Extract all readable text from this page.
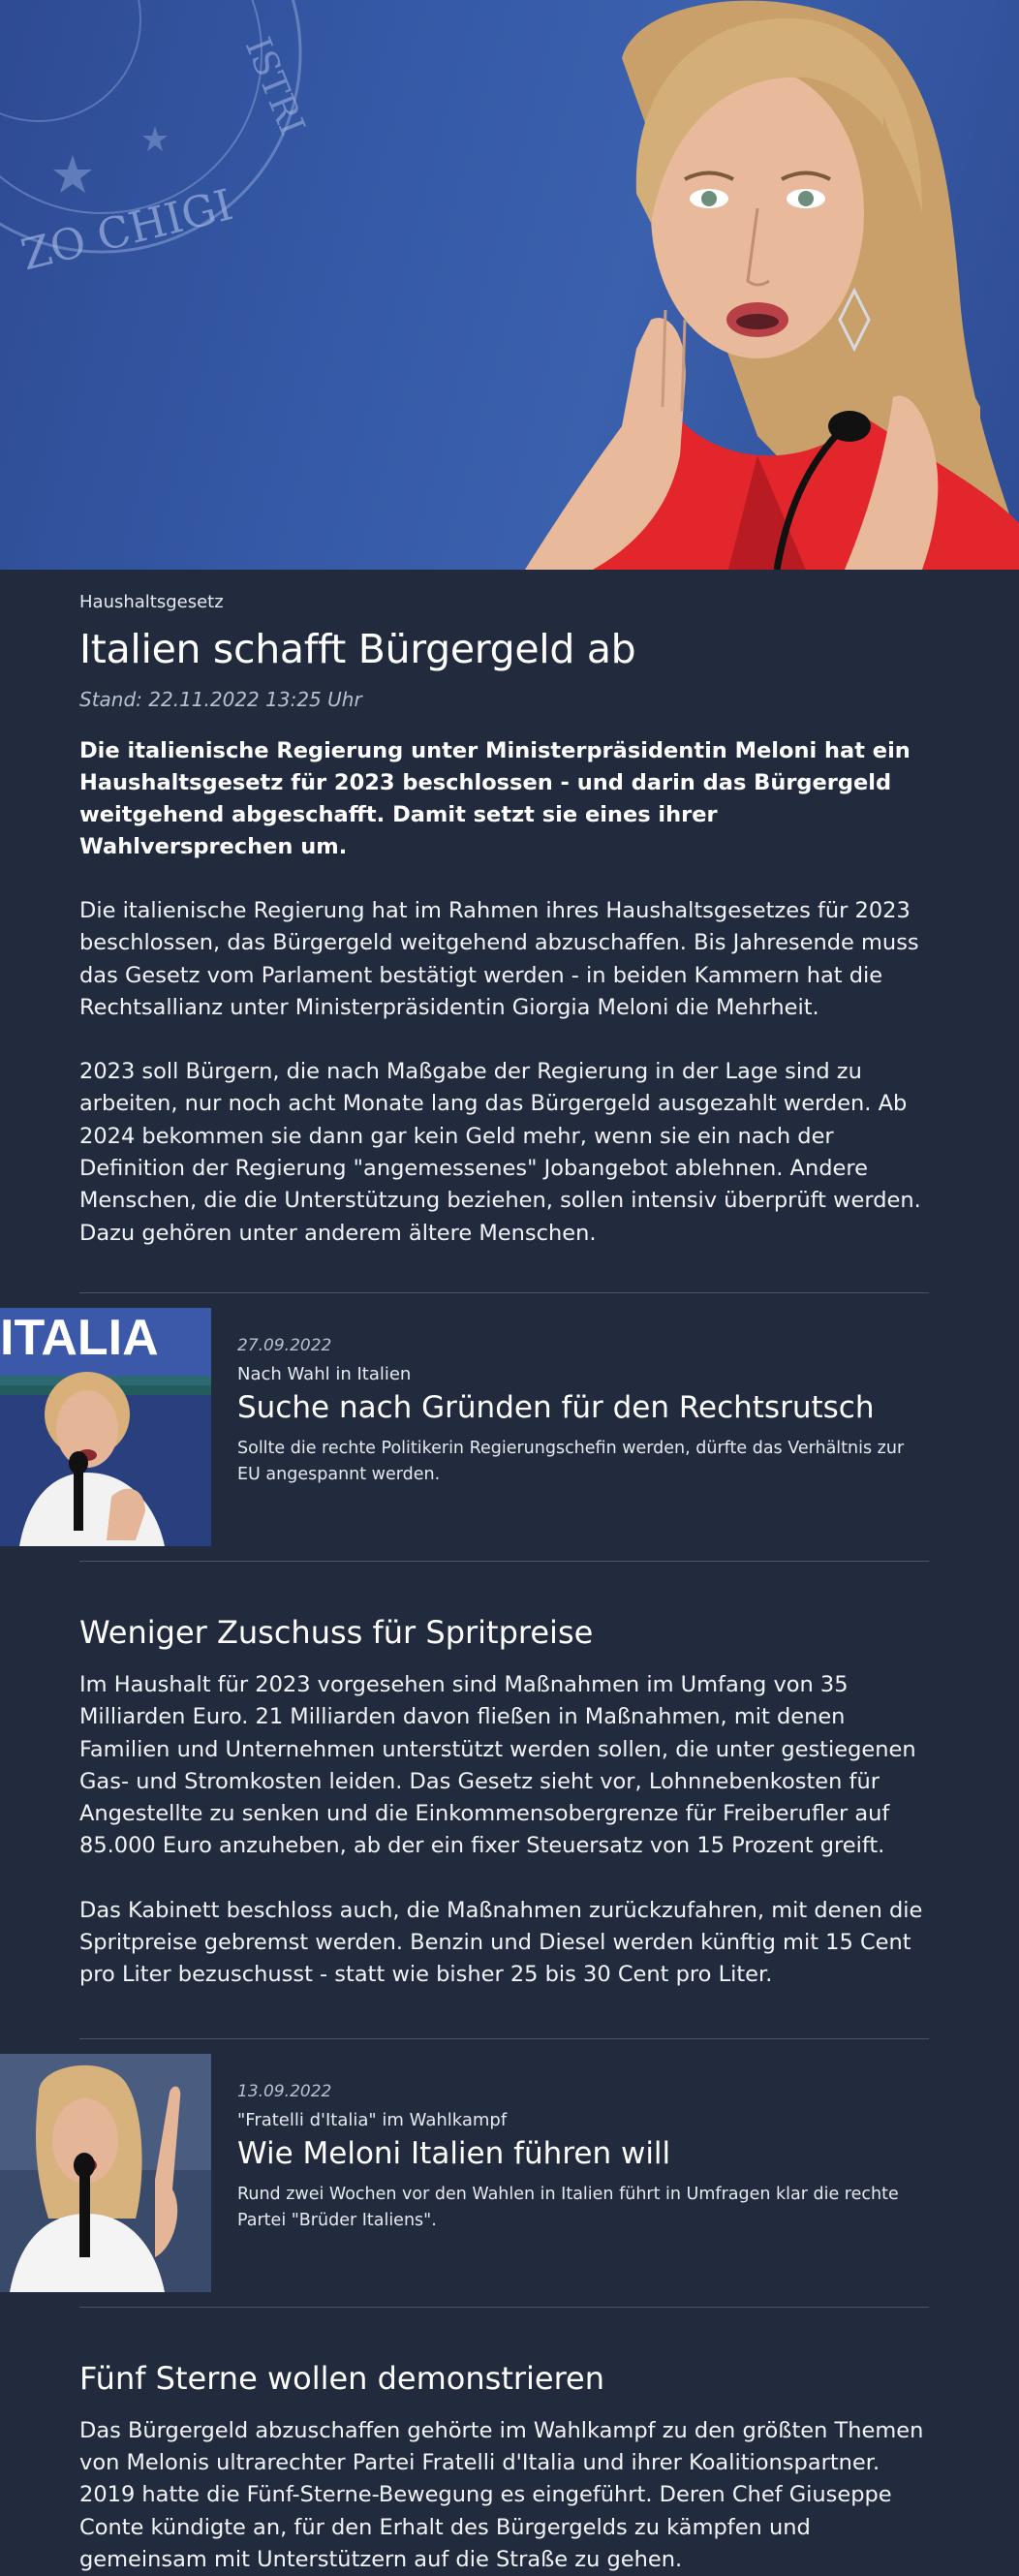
ZO CHIGI
ISTRI
Haushaltsgesetz
Italien schafft Bürgergeld ab
Stand: 22.11.2022 13:25 Uhr

Die italienische Regierung unter Ministerpräsidentin Meloni hat ein Haushaltsgesetz für 2023 beschlossen - und darin das Bürgergeld weitgehend abgeschafft. Damit setzt sie eines ihrer Wahlversprechen um.

Die italienische Regierung hat im Rahmen ihres Haushaltsgesetzes für 2023 beschlossen, das Bürgergeld weitgehend abzuschaffen. Bis Jahresende muss das Gesetz vom Parlament bestätigt werden - in beiden Kammern hat die Rechtsallianz unter Ministerpräsidentin Giorgia Meloni die Mehrheit.

2023 soll Bürgern, die nach Maßgabe der Regierung in der Lage sind zu arbeiten, nur noch acht Monate lang das Bürgergeld ausgezahlt werden. Ab 2024 bekommen sie dann gar kein Geld mehr, wenn sie ein nach der Definition der Regierung "angemessenes" Jobangebot ablehnen. Andere Menschen, die die Unterstützung beziehen, sollen intensiv überprüft werden. Dazu gehören unter anderem ältere Menschen.

ITALIA	27.09.2022
Nach Wahl in Italien
Suche nach Gründen für den Rechtsrutsch
Sollte die rechte Politikerin Regierungschefin werden, dürfte das Verhältnis zur EU angespannt werden.
Weniger Zuschuss für Spritpreise

Im Haushalt für 2023 vorgesehen sind Maßnahmen im Umfang von 35 Milliarden Euro. 21 Milliarden davon fließen in Maßnahmen, mit denen Familien und Unternehmen unterstützt werden sollen, die unter gestiegenen Gas- und Stromkosten leiden. Das Gesetz sieht vor, Lohnnebenkosten für Angestellte zu senken und die Einkommensobergrenze für Freiberufler auf 85.000 Euro anzuheben, ab der ein fixer Steuersatz von 15 Prozent greift.

Das Kabinett beschloss auch, die Maßnahmen zurückzufahren, mit denen die Spritpreise gebremst werden. Benzin und Diesel werden künftig mit 15 Cent pro Liter bezuschusst - statt wie bisher 25 bis 30 Cent pro Liter.

13.09.2022
"Fratelli d'Italia" im Wahlkampf
Wie Meloni Italien führen will
Rund zwei Wochen vor den Wahlen in Italien führt in Umfragen klar die rechte Partei "Brüder Italiens".
Fünf Sterne wollen demonstrieren

Das Bürgergeld abzuschaffen gehörte im Wahlkampf zu den größten Themen von Melonis ultrarechter Partei Fratelli d'Italia und ihrer Koalitionspartner. 2019 hatte die Fünf-Sterne-Bewegung es eingeführt. Deren Chef Giuseppe Conte kündigte an, für den Erhalt des Bürgergelds zu kämpfen und gemeinsam mit Unterstützern auf die Straße zu gehen.
